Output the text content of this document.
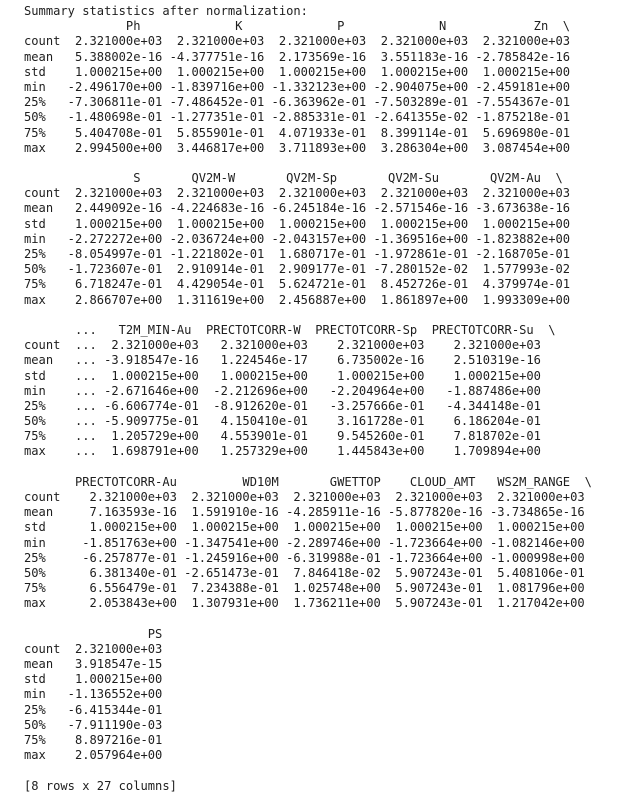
Summary statistics after normalization:
Ph             K             P             N            Zn  \
count  2.321000e+03  2.321000e+03  2.321000e+03  2.321000e+03  2.321000e+03
mean   5.388002e-16 -4.377751e-16  2.173569e-16  3.551183e-16 -2.785842e-16
std    1.000215e+00  1.000215e+00  1.000215e+00  1.000215e+00  1.000215e+00
min   -2.496170e+00 -1.839716e+00 -1.332123e+00 -2.904075e+00 -2.459181e+00
25%   -7.306811e-01 -7.486452e-01 -6.363962e-01 -7.503289e-01 -7.554367e-01
50%   -1.480698e-01 -1.277351e-01 -2.885331e-01 -2.641355e-02 -1.875218e-01
75%    5.404708e-01  5.855901e-01  4.071933e-01  8.399114e-01  5.696980e-01
max    2.994500e+00  3.446817e+00  3.711893e+00  3.286304e+00  3.087454e+00
S       QV2M-W       QV2M-Sp       QV2M-Su       QV2M-Au  \
count  2.321000e+03  2.321000e+03  2.321000e+03  2.321000e+03  2.321000e+03
mean   2.449092e-16 -4.224683e-16 -6.245184e-16 -2.571546e-16 -3.673638e-16
std    1.000215e+00  1.000215e+00  1.000215e+00  1.000215e+00  1.000215e+00
min   -2.272272e+00 -2.036724e+00 -2.043157e+00 -1.369516e+00 -1.823882e+00
25%   -8.054997e-01 -1.221802e-01  1.680717e-01 -1.972861e-01 -2.168705e-01
50%   -1.723607e-01  2.910914e-01  2.909177e-01 -7.280152e-02  1.577993e-02
75%    6.718247e-01  4.429054e-01  5.624721e-01  8.452726e-01  4.379974e-01
max    2.866707e+00  1.311619e+00  2.456887e+00  1.861897e+00  1.993309e+00
...   T2M_MIN-Au  PRECTOTCORR-W  PRECTOTCORR-Sp  PRECTOTCORR-Su  \
count  ...  2.321000e+03   2.321000e+03    2.321000e+03    2.321000e+03
mean   ... -3.918547e-16   1.224546e-17    6.735002e-16    2.510319e-16
std    ...  1.000215e+00   1.000215e+00    1.000215e+00    1.000215e+00
min    ... -2.671646e+00  -2.212696e+00   -2.204964e+00   -1.887486e+00
25%    ... -6.606774e-01  -8.912620e-01   -3.257666e-01   -4.344148e-01
50%    ... -5.909775e-01   4.150410e-01    3.161728e-01    6.186204e-01
75%    ...  1.205729e+00   4.553901e-01    9.545260e-01    7.818702e-01
max    ...  1.698791e+00   1.257329e+00    1.445843e+00    1.709894e+00
PRECTOTCORR-Au         WD10M       GWETTOP    CLOUD_AMT   WS2M_RANGE  \
count    2.321000e+03  2.321000e+03  2.321000e+03  2.321000e+03  2.321000e+03
mean     7.163593e-16  1.591910e-16 -4.285911e-16 -5.877820e-16 -3.734865e-16
std      1.000215e+00  1.000215e+00  1.000215e+00  1.000215e+00  1.000215e+00
min     -1.851763e+00 -1.347541e+00 -2.289746e+00 -1.723664e+00 -1.082146e+00
25%     -6.257877e-01 -1.245916e+00 -6.319988e-01 -1.723664e+00 -1.000998e+00
50%      6.381340e-01 -2.651473e-01  7.846418e-02  5.907243e-01  5.408106e-01
75%      6.556479e-01  7.234388e-01  1.025748e+00  5.907243e-01  1.081796e+00
max      2.053843e+00  1.307931e+00  1.736211e+00  5.907243e-01  1.217042e+00
PS
count  2.321000e+03
mean   3.918547e-15
std    1.000215e+00
min   -1.136552e+00
25%   -6.415344e-01
50%   -7.911190e-03
75%    8.897216e-01
max    2.057964e+00
[8 rows x 27 columns]
